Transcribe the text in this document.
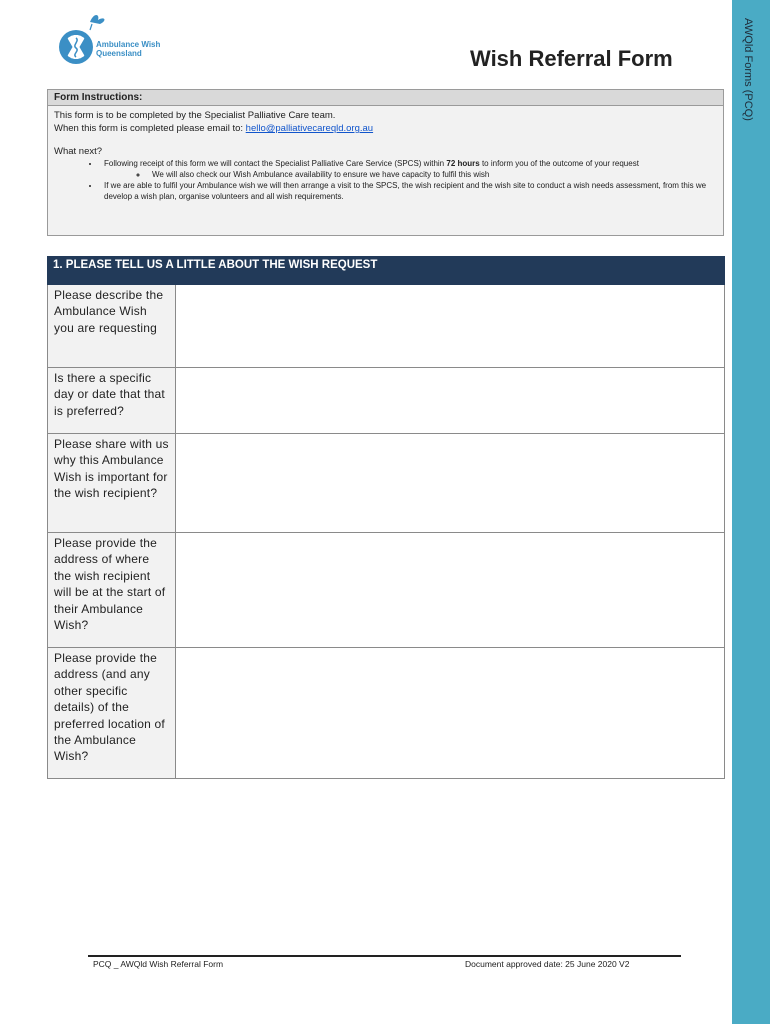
AWQld Forms (PCQ)
Ambulance Wish
Queensland	Wish Referral Form
Form Instructions:
This form is to be completed by the Specialist Palliative Care team.
When this form is completed please email to: hello@palliativecareqld.org.au
What next?
• Following receipt of this form we will contact the Specialist Palliative Care Service (SPCS) within 72 hours to inform you of the outcome of your request
◦ We will also check our Wish Ambulance availability to ensure we have capacity to fulfil this wish
• If we are able to fulfil your Ambulance wish we will then arrange a visit to the SPCS, the wish recipient and the wish site to conduct a wish needs assessment, from this we develop a wish plan, organise volunteers and all wish requirements.
1. PLEASE TELL US A LITTLE ABOUT THE WISH REQUEST
Please describe the Ambulance Wish you are requesting
Is there a specific day or date that that is preferred?
Please share with us why this Ambulance Wish is important for the wish recipient?
Please provide the address of where the wish recipient will be at the start of their Ambulance Wish?
Please provide the address (and any other specific details) of the preferred location of the Ambulance Wish?
PCQ _ AWQld Wish Referral Form	Document approved date: 25 June 2020 V2
